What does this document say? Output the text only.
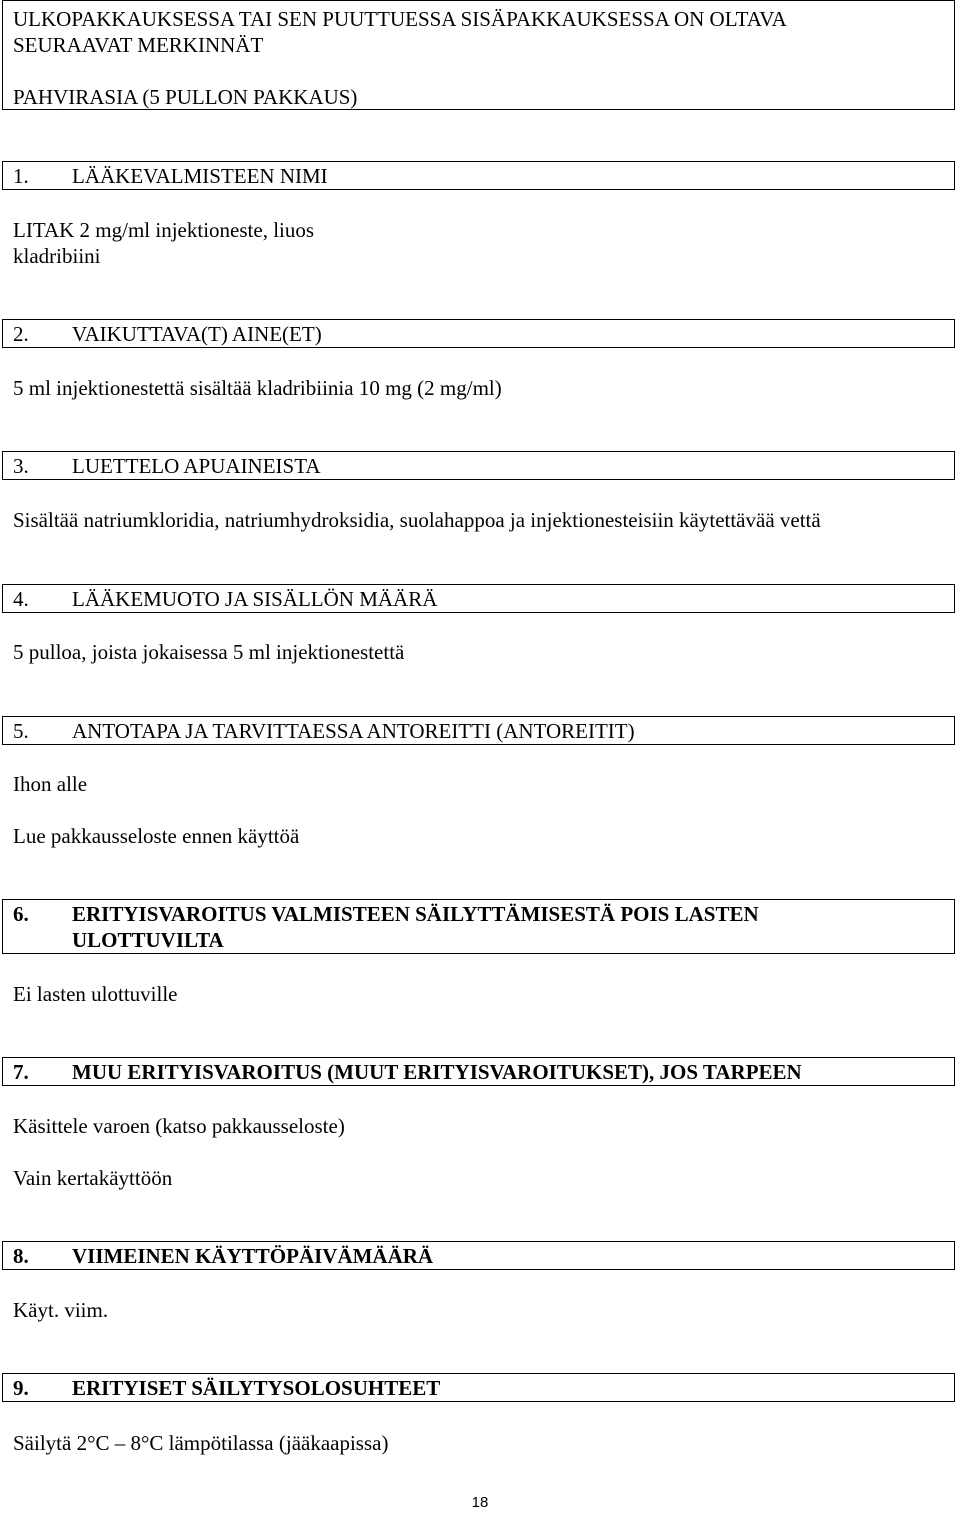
ULKOPAKKAUKSESSA TAI SEN PUUTTUESSA SISÄPAKKAUKSESSA ON OLTAVA
SEURAAVAT MERKINNÄT
PAHVIRASIA (5 PULLON PAKKAUS)
1. LÄÄKEVALMISTEEN NIMI
LITAK 2 mg/ml injektioneste, liuos
kladribiini
2. VAIKUTTAVA(T) AINE(ET)
5 ml injektionestettä sisältää kladribiinia 10 mg (2 mg/ml)
3. LUETTELO APUAINEISTA
Sisältää natriumkloridia, natriumhydroksidia, suolahappoa ja injektionesteisiin käytettävää vettä
4. LÄÄKEMUOTO JA SISÄLLÖN MÄÄRÄ
5 pulloa, joista jokaisessa 5 ml injektionestettä
5. ANTOTAPA JA TARVITTAESSA ANTOREITTI (ANTOREITIT)
Ihon alle
Lue pakkausseloste ennen käyttöä
6. ERITYISVAROITUS VALMISTEEN SÄILYTTÄMISESTÄ POIS LASTEN
ULOTTUVILTA
Ei lasten ulottuville
7. MUU ERITYISVAROITUS (MUUT ERITYISVAROITUKSET), JOS TARPEEN
Käsittele varoen (katso pakkausseloste)
Vain kertakäyttöön
8. VIIMEINEN KÄYTTÖPÄIVÄMÄÄRÄ
Käyt. viim.
9. ERITYISET SÄILYTYSOLOSUHTEET
Säilytä 2°C – 8°C lämpötilassa (jääkaapissa)
18
